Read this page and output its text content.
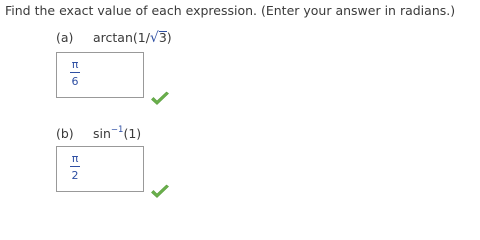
Find the exact value of each expression. (Enter your answer in radians.)
(a) arctan(1/√3)
π
6
(b) $\sin^{-1}(1)$
π
2
